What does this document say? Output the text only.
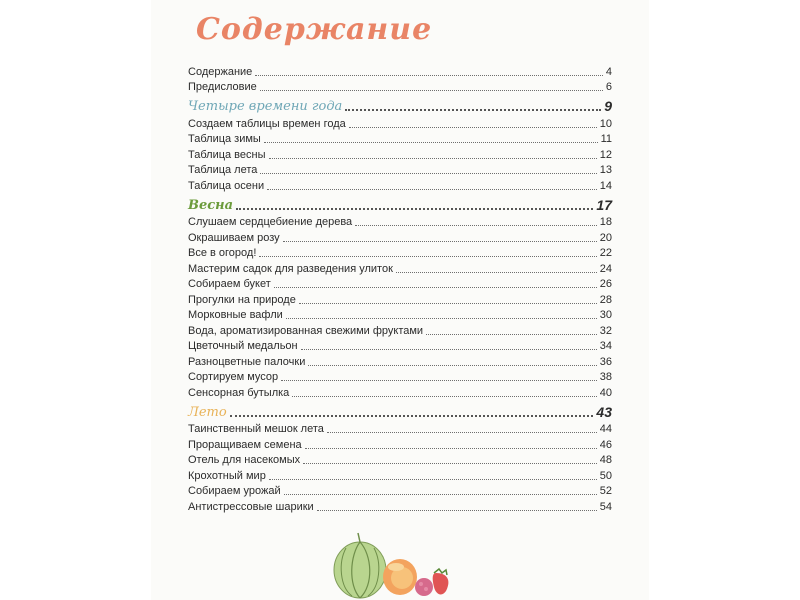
Содержание
Содержание	4
Предисловие	6
Четыре времени года	9
Создаем таблицы времен года	10
Таблица зимы	11
Таблица весны	12
Таблица лета	13
Таблица осени	14
Весна	17
Слушаем сердцебиение дерева	18
Окрашиваем розу	20
Все в огород!	22
Мастерим садок для разведения улиток	24
Собираем букет	26
Прогулки на природе	28
Морковные вафли	30
Вода, ароматизированная свежими фруктами	32
Цветочный медальон	34
Разноцветные палочки	36
Сортируем мусор	38
Сенсорная бутылка	40
Лето	43
Таинственный мешок лета	44
Проращиваем семена	46
Отель для насекомых	48
Крохотный мир	50
Собираем урожай	52
Антистрессовые шарики	54
